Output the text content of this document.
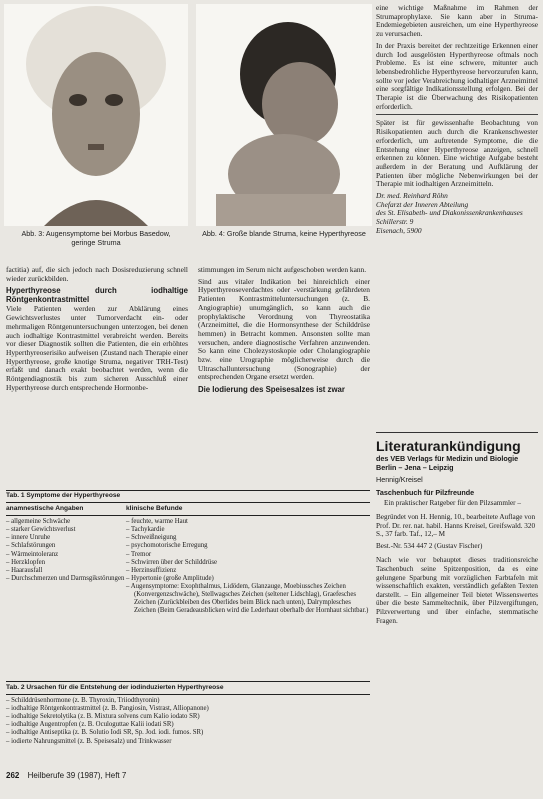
Abb. 3: Augensymptome bei Morbus Basedow, geringe Struma
Abb. 4: Große blande Struma, keine Hyperthyreose

factitia) auf, die sich jedoch nach Dosisreduzierung schnell wieder zurückbilden.

Hyperthyreose durch iodhaltige Röntgenkontrastmittel

Viele Patienten werden zur Abklärung eines Gewichtsverlustes unter Tumorverdacht ein- oder mehrmaligen Röntgenuntersuchungen unterzogen, bei denen auch iodhaltige Kontrastmittel verabreicht werden. Bereits vor dieser Diagnostik sollten die Patienten, die ein erhöhtes Hyperthyreoserisiko aufweisen (Zustand nach Therapie einer Hyperthyreose, große knotige Struma, negativer TRH-Test) erfaßt und danach exakt beobachtet werden, wenn die Röntgendiagnostik bis zum sicheren Ausschluß einer Hyperthyreose durch entsprechende Hormonbe-

stimmungen im Serum nicht aufgeschoben werden kann.

Sind aus vitaler Indikation bei hinreichlich einer Hyperthyreoseverdachtes oder -verstärkung gefährdeten Patienten Kontrastmitteluntersuchungen (z. B. Angiographie) unumgänglich, so kann auch die prophylaktische Verordnung von Thyreostatika (Arzneimittel, die die Hormonsynthese der Schilddrüse hemmen) in Betracht kommen. Ansonsten sollte man versuchen, andere diagnostische Verfahren anzuwenden. So kann eine Cholezystoskopie oder Cholangiographie bzw. eine Urographie möglicherweise durch die Ultraschalluntersuchung (Sonographie) der entsprechenden Organe ersetzt werden.

Die Iodierung des Speisesalzes ist zwar

eine wichtige Maßnahme im Rahmen der Strumaprophylaxe. Sie kann aber in Struma-Endemiegebieten ausreichen, um eine Hyperthyreose zu verursachen.

In der Praxis bereitet der rechtzeitige Erkennen einer durch Iod ausgelösten Hyperthyreose oftmals noch Probleme. Es ist eine schwere, mitunter auch lebensbedrohliche Hyperthyreose hervorzurufen kann, sollte vor jeder Verabreichung iodhaltiger Arzneimittel eine sorgfältige Indikationsstellung erfolgen. Bei der Therapie ist die Überwachung des Risikopatienten erforderlich.

Später ist für gewissenhafte Beobachtung von Risikopatienten auch durch die Krankenschwester erforderlich, um auftretende Symptome, die die Entstehung einer Hyperthyreose anzeigen, schnell erkennen zu können. Eine wichtige Aufgabe besteht außerdem in der Beratung und Aufklärung der Patienten über mögliche Nebenwirkungen bei der Therapie mit iodhaltigen Arzneimitteln.

Dr. med. Reinhard Röhn
Chefarzt der Inneren Abteilung
des St. Elisabeth- und Diakonissenkrankenhauses
Schillerstr. 9
Eisenach, 5900
Literaturankündigung
des VEB Verlags für Medizin und Biologie
Berlin – Jena – Leipzig
Hennig/Kreisel
Taschenbuch für Pilzfreunde
Ein praktischer Ratgeber für den Pilzsammler –
Begründet von H. Hennig, 10., bearbeitete Auflage von Prof. Dr. rer. nat. habil. Hanns Kreisel, Greifswald. 320 S., 37 farb. Taf., 12,– M
Best.-Nr. 534 447 2 (Gustav Fischer)
Nach wie vor behauptet dieses traditionsreiche Taschenbuch seine Spitzenposition, da es eine gelungene Sparbung mit vorzüglichen Farbtafeln mit wissenschaftlich exakten, verständlich gefaßten Texten darstellt. – Ein allgemeiner Teil bietet Wissenswertes über die beste Sammeltechnik, über Pilzvergiftungen, Pilzverwertung und über einfache, stemmatische Fragen.
Tab. 1 Symptome der Hyperthyreose
anamnestische Angaben	klinische Befunde
– allgemeine Schwäche
– starker Gewichtsverlust
– innere Unruhe
– Schlafstörungen
– Wärmeintoleranz
– Herzklopfen
– Haarausfall
– Durchschmerzen und Darmsgikstörungen
– feuchte, warme Haut
– Tachykardie
– Schweißneigung
– psychomotorische Erregung
– Tremor
– Schwirren über der Schilddrüse
– Herzinsuffizienz
– Hypertonie (große Amplitude)
– Augensymptome: Exophthalmus, Lidödem, Glanzauge, Moebiussches Zeichen (Konvergenzschwäche), Stellwagsches Zeichen (seltener Lidschlag), Graefesches Zeichen (Zurückbleiben des Oberlides beim Blick nach unten), Dalrymplesches Zeichen (Beim Geradeausblicken wird die Lederhaut oberhalb der Hornhaut sichtbar.)
Tab. 2 Ursachen für die Entstehung der iodinduzierten Hyperthyreose
– Schilddrüsenhormone (z. B. Thyroxin, Triiodthyronin)
– iodhaltige Röntgenkontrastmittel (z. B. Pangiosin, Vistrast, Alliopanone)
– iodhaltige Sekretolytika (z. B. Mixtura solvens cum Kalio iodato SR)
– iodhaltige Augentropfen (z. B. Oculoguttae Kalii iodati SR)
– iodhaltige Antiseptika (z. B. Solutio Iodi SR, Sp. Jod. iodi. fumos. SR)
– iodierte Nahrungsmittel (z. B. Speisesalz) und Trinkwasser
262 Heilberufe 39 (1987), Heft 7
